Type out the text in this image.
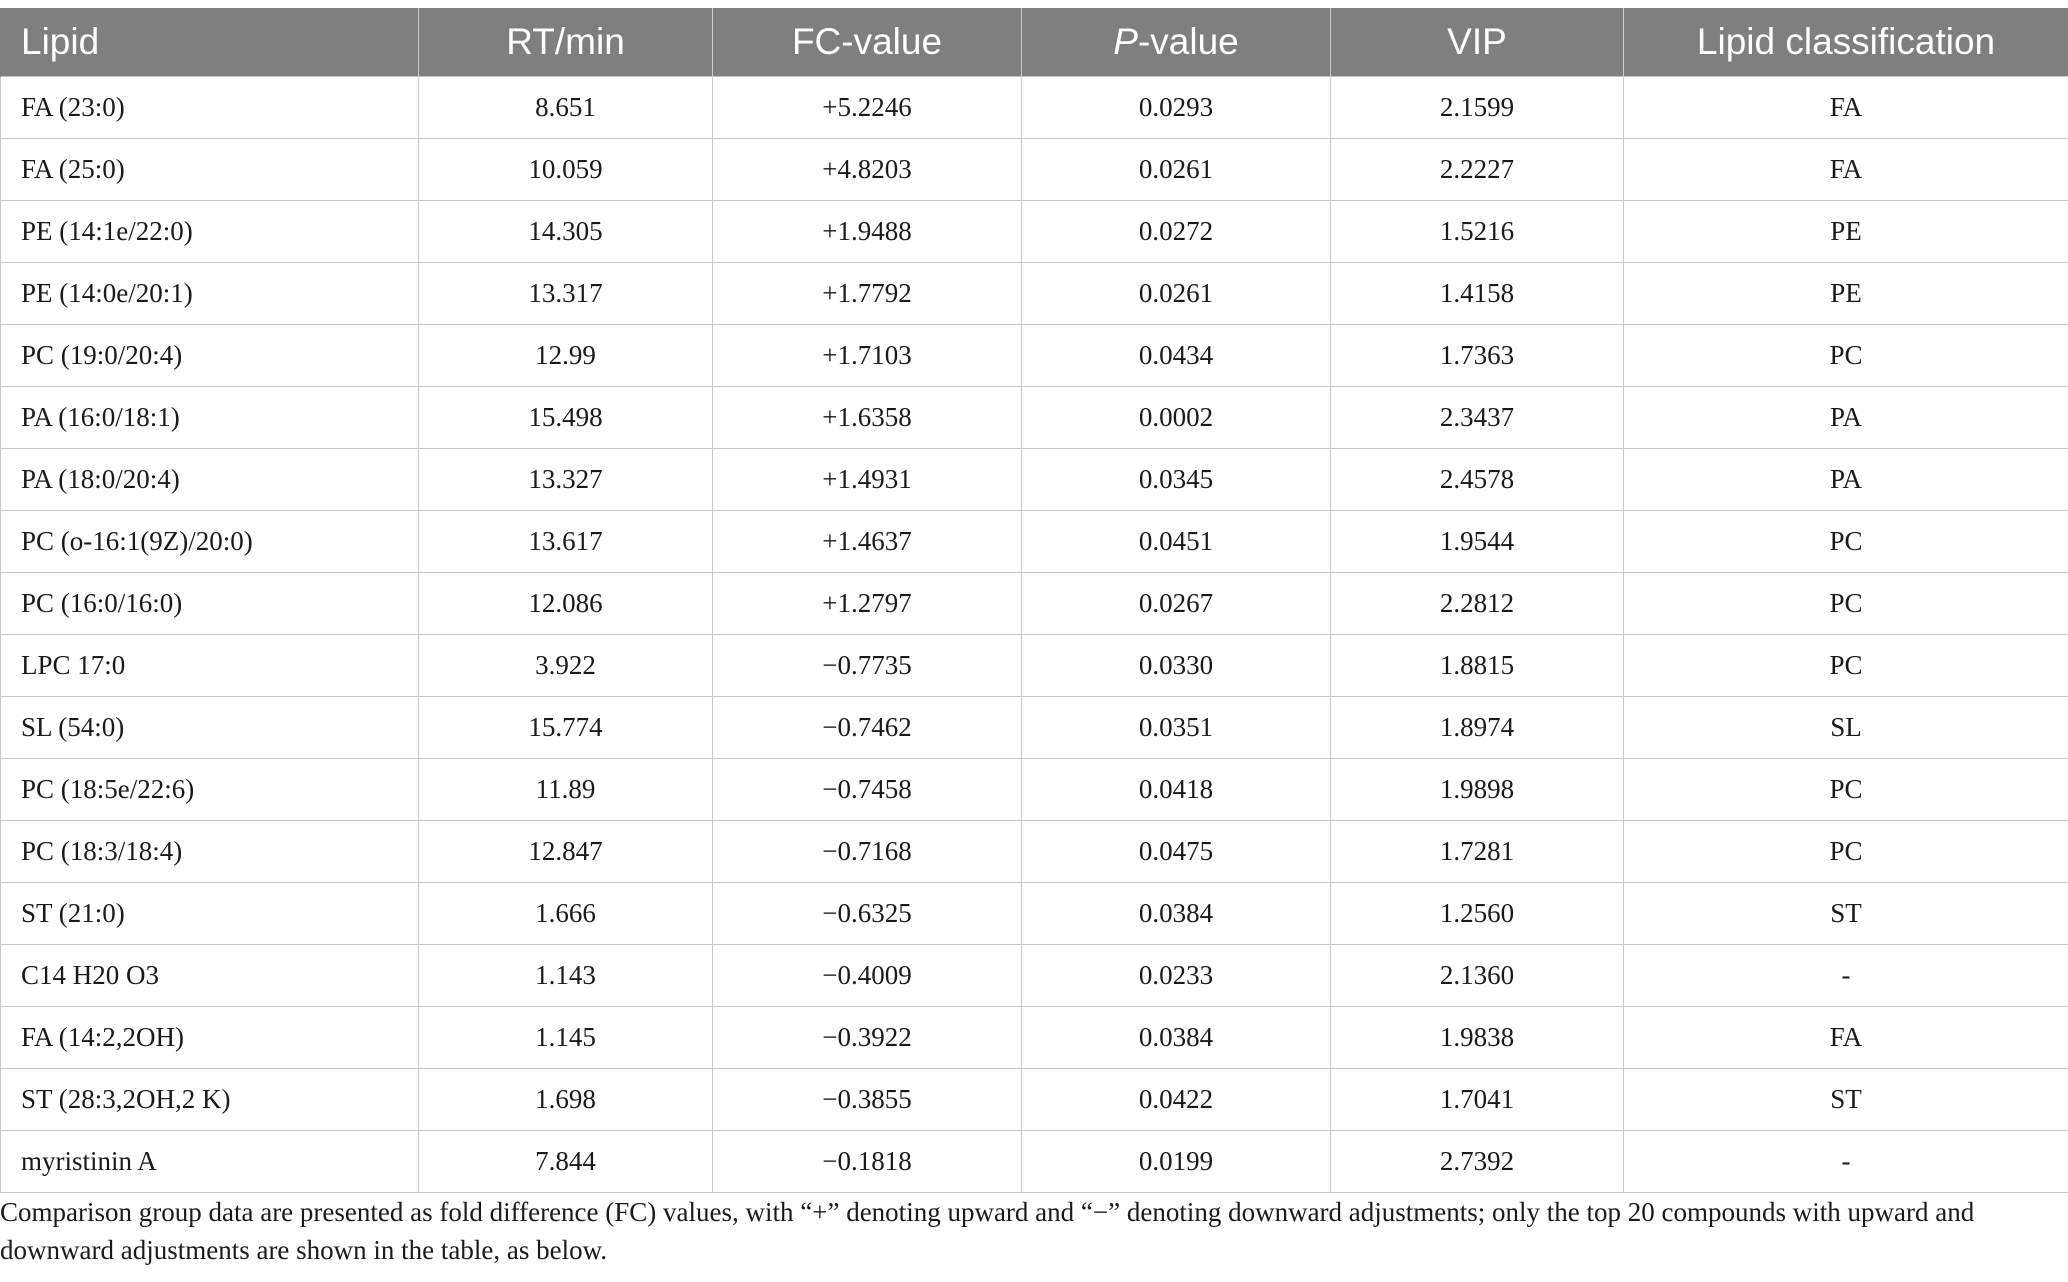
Lipid	RT/min	FC-value	P-value	VIP	Lipid classification
FA (23:0)	8.651	+5.2246	0.0293	2.1599	FA
FA (25:0)	10.059	+4.8203	0.0261	2.2227	FA
PE (14:1e/22:0)	14.305	+1.9488	0.0272	1.5216	PE
PE (14:0e/20:1)	13.317	+1.7792	0.0261	1.4158	PE
PC (19:0/20:4)	12.99	+1.7103	0.0434	1.7363	PC
PA (16:0/18:1)	15.498	+1.6358	0.0002	2.3437	PA
PA (18:0/20:4)	13.327	+1.4931	0.0345	2.4578	PA
PC (o-16:1(9Z)/20:0)	13.617	+1.4637	0.0451	1.9544	PC
PC (16:0/16:0)	12.086	+1.2797	0.0267	2.2812	PC
LPC 17:0	3.922	−0.7735	0.0330	1.8815	PC
SL (54:0)	15.774	−0.7462	0.0351	1.8974	SL
PC (18:5e/22:6)	11.89	−0.7458	0.0418	1.9898	PC
PC (18:3/18:4)	12.847	−0.7168	0.0475	1.7281	PC
ST (21:0)	1.666	−0.6325	0.0384	1.2560	ST
C14 H20 O3	1.143	−0.4009	0.0233	2.1360	-
FA (14:2,2OH)	1.145	−0.3922	0.0384	1.9838	FA
ST (28:3,2OH,2 K)	1.698	−0.3855	0.0422	1.7041	ST
myristinin A	7.844	−0.1818	0.0199	2.7392	-
Comparison group data are presented as fold difference (FC) values, with “+” denoting upward and “−” denoting downward adjustments; only the top 20 compounds with upward and downward adjustments are shown in the table, as below.
